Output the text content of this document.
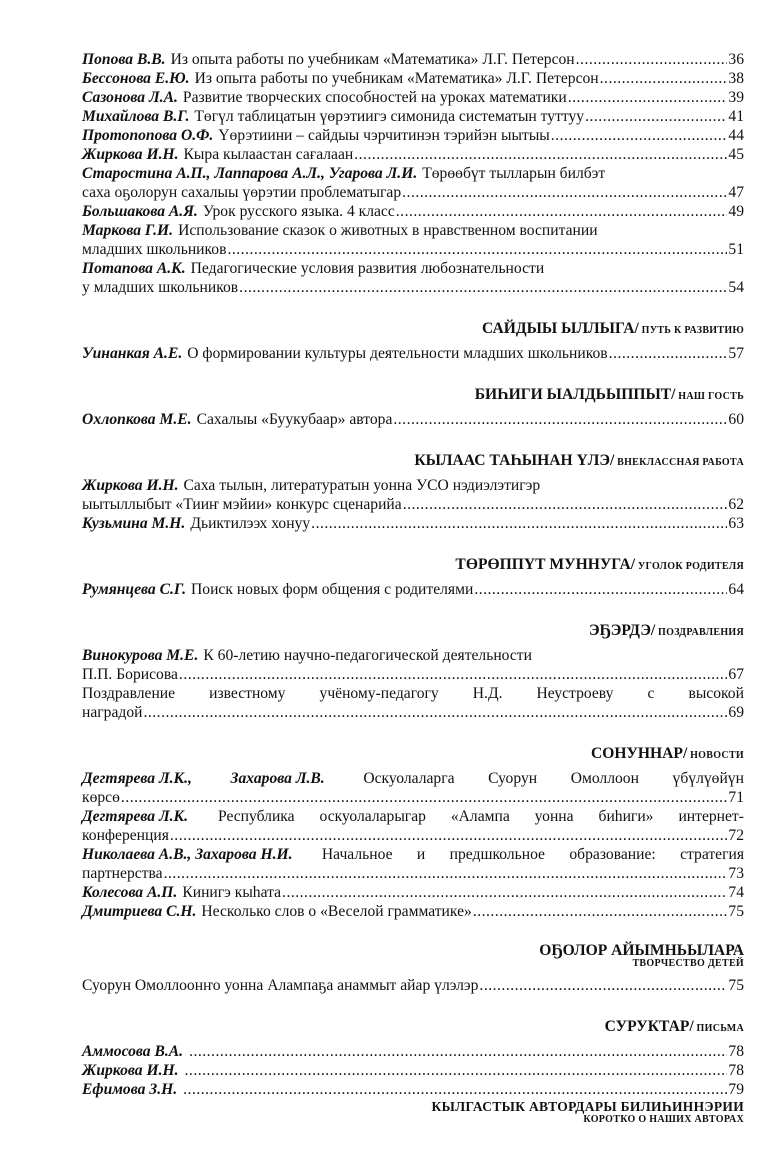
Попова В.В. Из опыта работы по учебникам «Математика» Л.Г. Петерсон .....	36
Бессонова Е.Ю. Из опыта работы по учебникам «Математика» Л.Г. Петерсон .....	38
Сазонова Л.А. Развитие творческих способностей на уроках математики .....	39
Михайлова В.Г. Төгүл таблицатын үөрэтиигэ симонида систематын туттуу .....	41
Протопопова О.Ф. Үөрэтиини – сайдыы чэрчитинэн тэрийэн ыытыы .....	44
Жиркова И.Н. Кыра кылаастан сағалаан .....	45
Старостина А.П., Лаппарова А.Л., Угарова Л.И. Төрөөбүт тылларын билбэт
саха оҕолорун сахалыы үөрэтии проблематыгар .....	47
Большакова А.Я. Урок русского языка. 4 класс .....	49
Маркова Г.И. Использование сказок о животных в нравственном воспитании
младших школьников .....	51
Потапова А.К. Педагогические условия развития любознательности
у младших школьников .....	54
САЙДЫЫ ЫЛЛЫГА/ ПУТЬ К РАЗВИТИЮ
Уинанкая А.Е. О формировании культуры деятельности младших школьников .....	57
БИҺИГИ ЫАЛДЬЫППЫТ/ НАШ ГОСТЬ
Охлопкова М.Е. Сахалыы «Буукубаар» автора .....	60
КЫЛААС ТАҺЫНАН ҮЛЭ/ ВНЕКЛАССНАЯ РАБОТА
Жиркова И.Н. Саха тылын, литературатын уонна УСО нэдиэлэтигэр
ыытыллыбыт «Тииҥ мэйии» конкурс сценарийа .....	62
Кузьмина М.Н. Дьиктилээх хонуу .....	63
ТӨРӨППҮТ МУННУГА/ УГОЛОК РОДИТЕЛЯ
Румянцева С.Г. Поиск новых форм общения с родителями .....	64
ЭҔЭРДЭ/ ПОЗДРАВЛЕНИЯ
Винокурова М.Е. К 60-летию научно-педагогической деятельности
П.П. Борисова .....	67
Поздравление известному учёному-педагогу Н.Д. Неустроеву с высокой
наградой .....	69
СОНУННАР/ НОВОСТИ
Дегтярева Л.К., Захарова Л.В. Оскуолаларга Суорун Омоллоон үбүлүөйүн
көрсө .....	71
Дегтярева Л.К. Республика оскуолаларыгар «Алампа уонна биһиги» интернет-
конференция .....	72
Николаева А.В., Захарова Н.И. Начальное и предшкольное образование: стратегия
партнерства .....	73
Колесова А.П. Кинигэ кыһата .....	74
Дмитриева С.Н. Несколько слов о «Веселой грамматике» .....	75
ОҔОЛОР АЙЫМНЬЫЛАРА
ТВОРЧЕСТВО ДЕТЕЙ
Суорун Омоллоонҥо уонна Алампаҕа анаммыт айар үлэлэр .....	75
СУРУКТАР/ ПИСЬМА
Аммосова В.А. .....	78
Жиркова И.Н. .....	78
Ефимова З.Н. .....	79
КЫЛГАСТЫК АВТОРДАРЫ БИЛИҺИННЭРИИ
КОРОТКО О НАШИХ АВТОРАХ
